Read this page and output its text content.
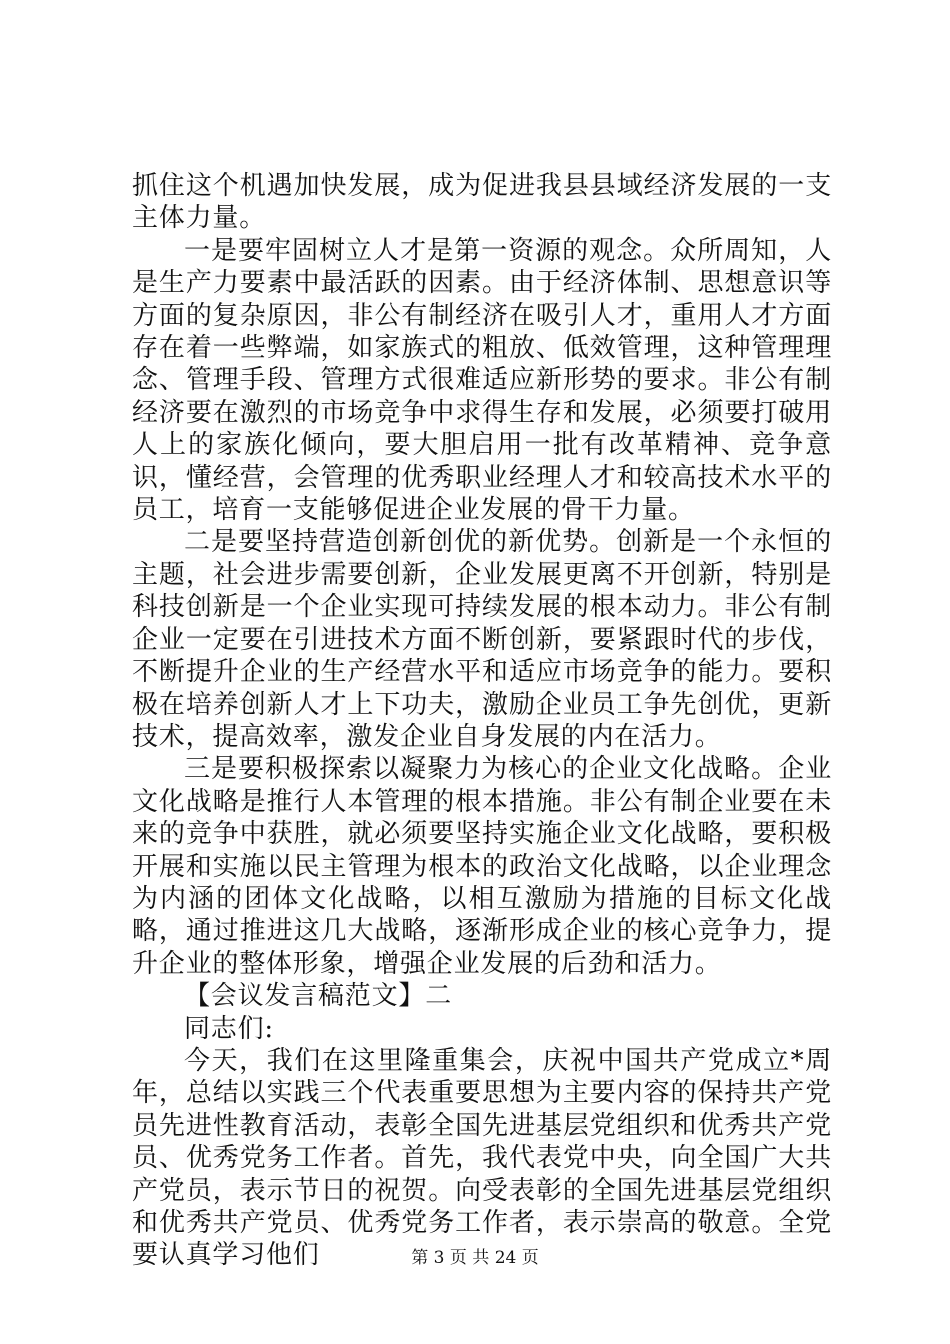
抓住这个机遇加快发展，成为促进我县县域经济发展的一支主体力量。

一是要牢固树立人才是第一资源的观念。众所周知，人是生产力要素中最活跃的因素。由于经济体制、思想意识等方面的复杂原因，非公有制经济在吸引人才，重用人才方面存在着一些弊端，如家族式的粗放、低效管理，这种管理理念、管理手段、管理方式很难适应新形势的要求。非公有制经济要在激烈的市场竞争中求得生存和发展，必须要打破用人上的家族化倾向，要大胆启用一批有改革精神、竞争意识，懂经营，会管理的优秀职业经理人才和较高技术水平的员工，培育一支能够促进企业发展的骨干力量。

二是要坚持营造创新创优的新优势。创新是一个永恒的主题，社会进步需要创新，企业发展更离不开创新，特别是科技创新是一个企业实现可持续发展的根本动力。非公有制企业一定要在引进技术方面不断创新，要紧跟时代的步伐，不断提升企业的生产经营水平和适应市场竞争的能力。要积极在培养创新人才上下功夫，激励企业员工争先创优，更新技术，提高效率，激发企业自身发展的内在活力。

三是要积极探索以凝聚力为核心的企业文化战略。企业文化战略是推行人本管理的根本措施。非公有制企业要在未来的竞争中获胜，就必须要坚持实施企业文化战略，要积极开展和实施以民主管理为根本的政治文化战略，以企业理念为内涵的团体文化战略，以相互激励为措施的目标文化战略，通过推进这几大战略，逐渐形成企业的核心竞争力，提升企业的整体形象，增强企业发展的后劲和活力。

【会议发言稿范文】二

同志们:

今天，我们在这里隆重集会，庆祝中国共产党成立*周年，总结以实践三个代表重要思想为主要内容的保持共产党员先进性教育活动，表彰全国先进基层党组织和优秀共产党员、优秀党务工作者。首先，我代表党中央，向全国广大共产党员，表示节日的祝贺。向受表彰的全国先进基层党组织和优秀共产党员、优秀党务工作者，表示崇高的敬意。全党要认真学习他们	第 3 页 共 24 页
